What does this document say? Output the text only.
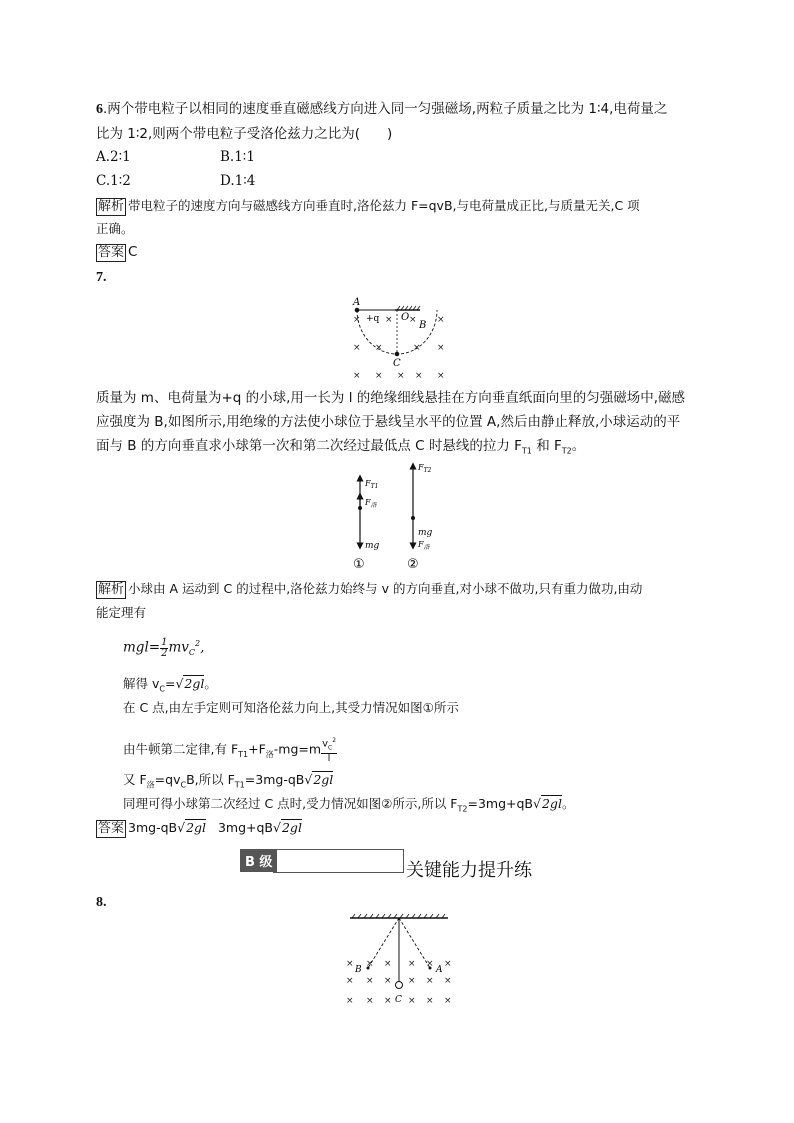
6.两个带电粒子以相同的速度垂直磁感线方向进入同一匀强磁场,两粒子质量之比为 1∶4,电荷量之
比为 1∶2,则两个带电粒子受洛伦兹力之比为(　　)
A.2∶1	B.1∶1
C.1∶2	D.1∶4
解析 带电粒子的速度方向与磁感线方向垂直时,洛伦兹力 F=qvB,与电荷量成正比,与质量无关,C 项
正确。
答案 C
7.
A
O
B
C
+q
×	× × ×
× ×	× ×
× × × × ×
质量为 m、电荷量为+q 的小球,用一长为 l 的绝缘细线悬挂在方向垂直纸面向里的匀强磁场中,磁感
应强度为 B,如图所示,用绝缘的方法使小球位于悬线呈水平的位置 A,然后由静止释放,小球运动的平
面与 B 的方向垂直求小球第一次和第二次经过最低点 C 时悬线的拉力 $F_{T1}$ 和 $F_{T2}$。
$F_{T1}$
$F_洛$
mg
$F_{T2}$
mg
$F_洛$
①	②
解析 小球由 A 运动到 C 的过程中,洛伦兹力始终与 v 的方向垂直,对小球不做功,只有重力做功,由动
能定理有
$mgl= \frac{1}{2} mv_C^2$,
解得 $v_C=√2gl$。
在 C 点,由左手定则可知洛伦兹力向上,其受力情况如图①所示
由牛顿第二定律,有 $F_{T1}+F_洛-mg=m \frac{v_C^2}{l}$
又 $F_洛=qv_CB$,所以 $F_{T1}=3mg-qB√2gl$
同理可得小球第二次经过 C 点时,受力情况如图②所示,所以 $F_{T2}=3mg+qB√2gl$。
答案 3mg-qB√2gl 3mg+qB√2gl
B 级	关键能力提升练
8.
B	A
C
× × × × × ×
× × × × × ×
× × × × × ×
